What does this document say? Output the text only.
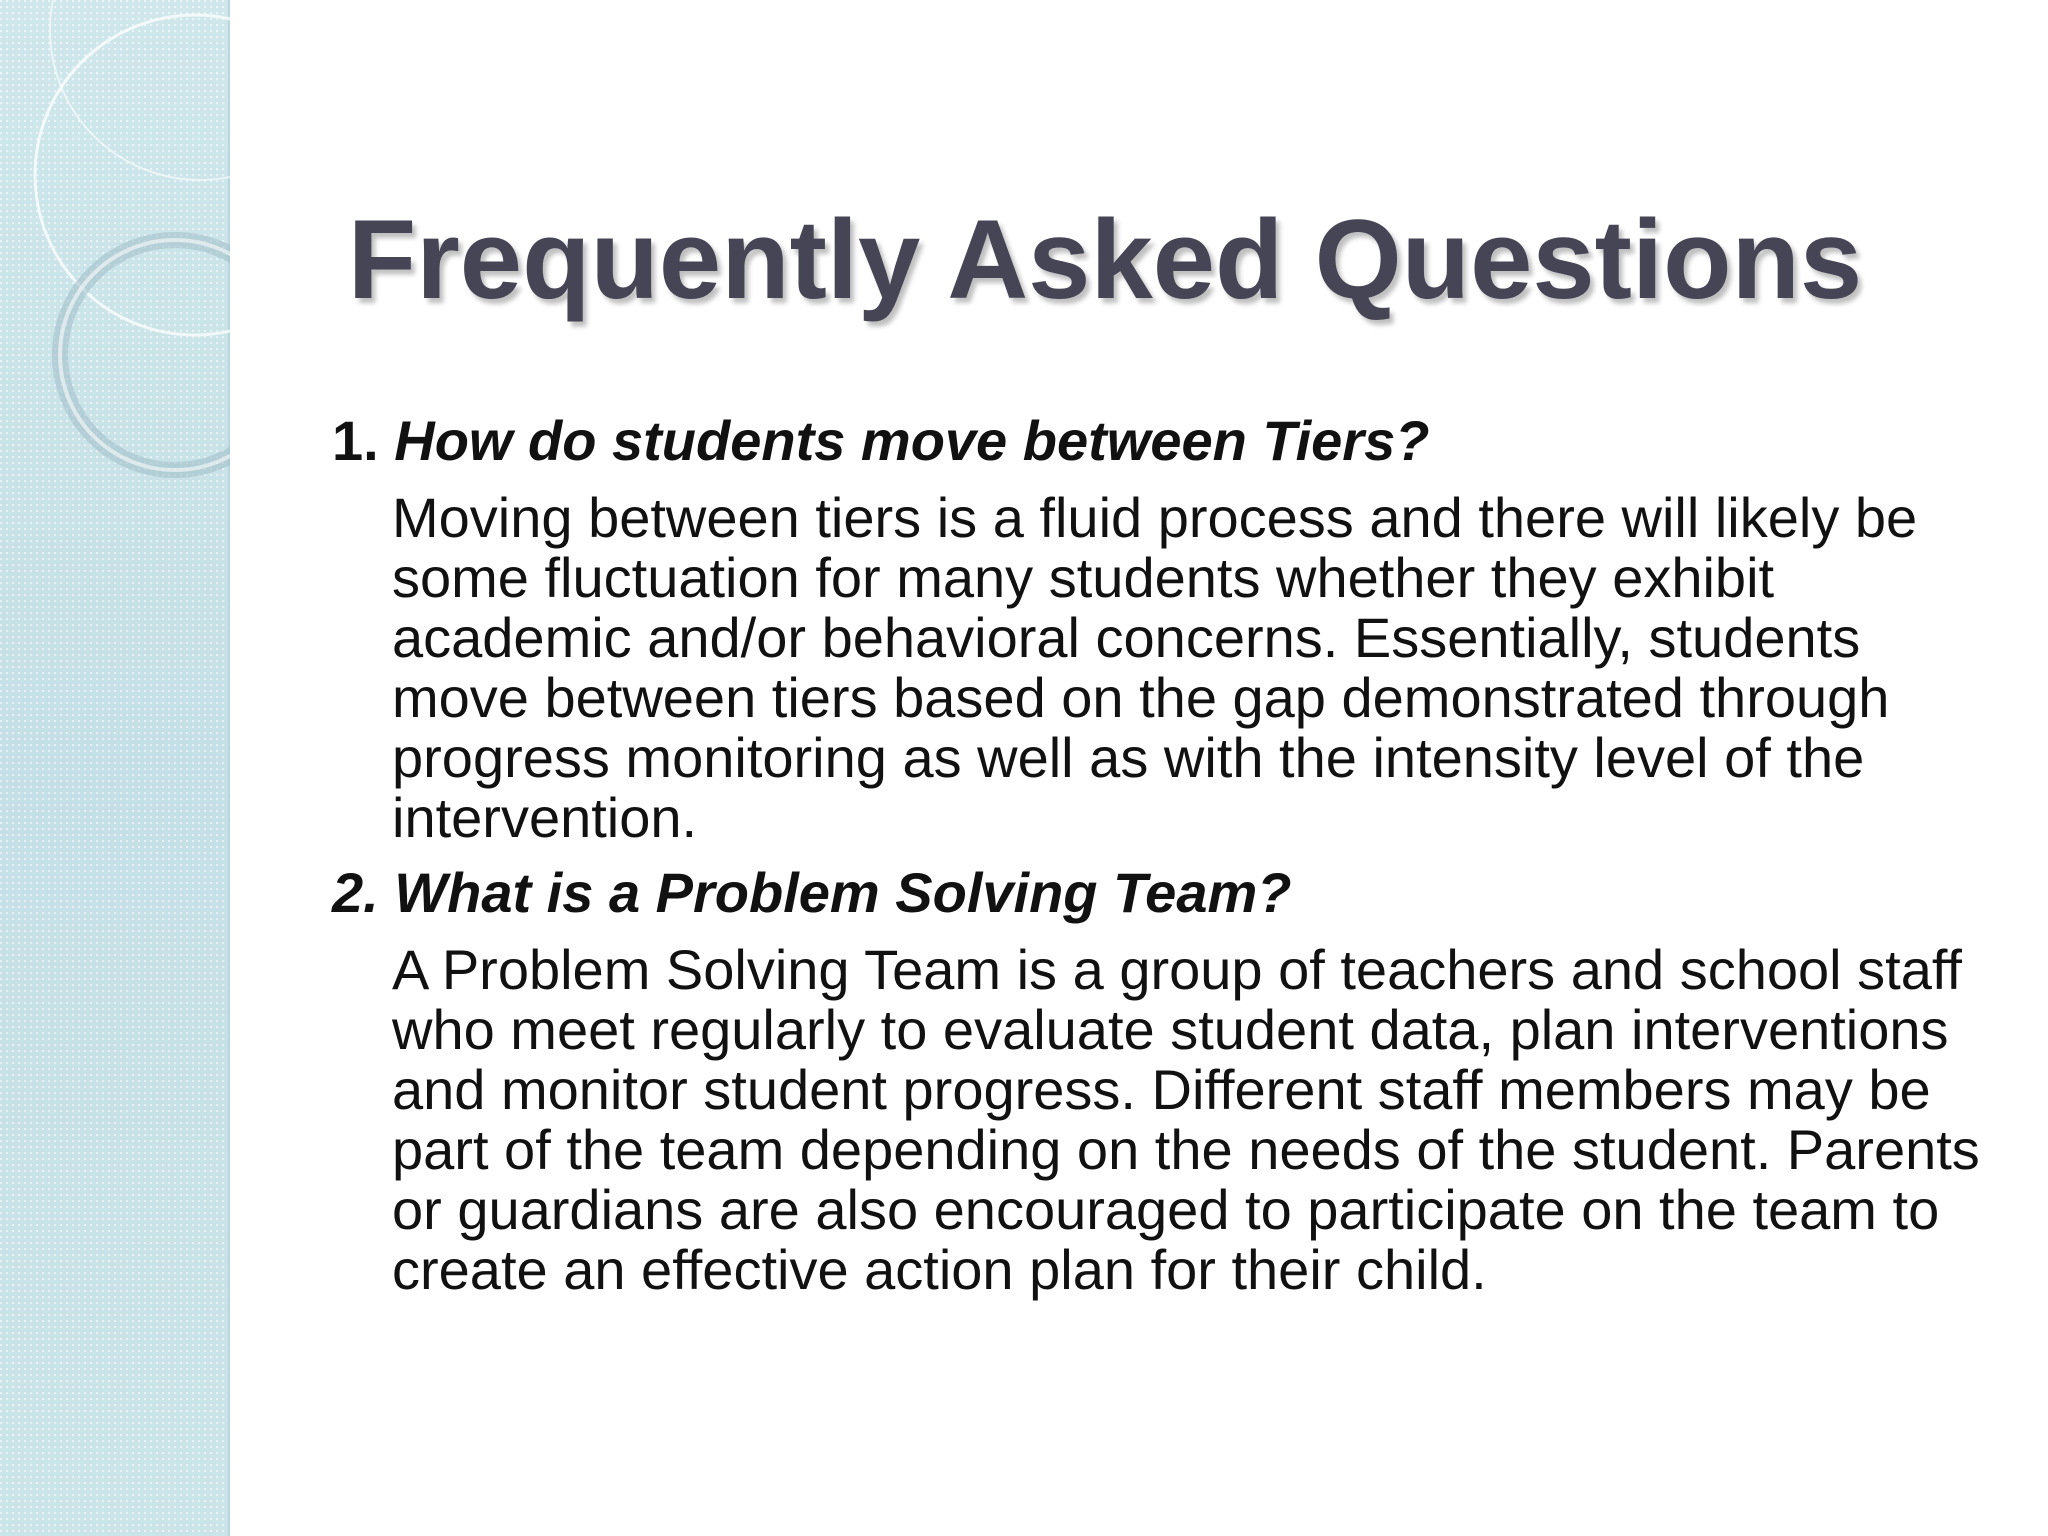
Frequently Asked Questions
1. How do students move between Tiers?
Moving between tiers is a fluid process and there will likely be some fluctuation for many students whether they exhibit academic and/or behavioral concerns. Essentially, students move between tiers based on the gap demonstrated through progress monitoring as well as with the intensity level of the intervention.
2. What is a Problem Solving Team?
A Problem Solving Team is a group of teachers and school staff who meet regularly to evaluate student data, plan interventions and monitor student progress. Different staff members may be part of the team depending on the needs of the student. Parents or guardians are also encouraged to participate on the team to create an effective action plan for their child.
